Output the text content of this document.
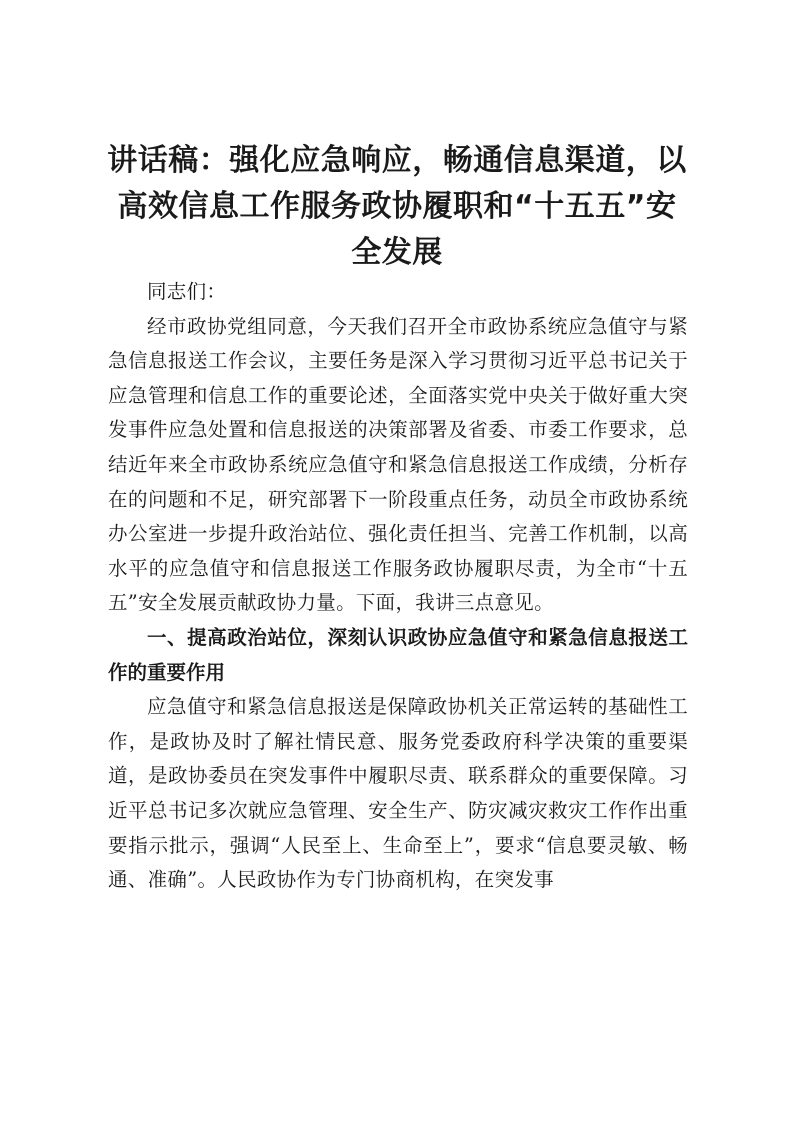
讲话稿：强化应急响应，畅通信息渠道，以高效信息工作服务政协履职和“十五五”安全发展

同志们：

经市政协党组同意，今天我们召开全市政协系统应急值守与紧急信息报送工作会议，主要任务是深入学习贯彻习近平总书记关于应急管理和信息工作的重要论述，全面落实党中央关于做好重大突发事件应急处置和信息报送的决策部署及省委、市委工作要求，总结近年来全市政协系统应急值守和紧急信息报送工作成绩，分析存在的问题和不足，研究部署下一阶段重点任务，动员全市政协系统办公室进一步提升政治站位、强化责任担当、完善工作机制，以高水平的应急值守和信息报送工作服务政协履职尽责，为全市“十五五”安全发展贡献政协力量。下面，我讲三点意见。

一、提高政治站位，深刻认识政协应急值守和紧急信息报送工作的重要作用

应急值守和紧急信息报送是保障政协机关正常运转的基础性工作，是政协及时了解社情民意、服务党委政府科学决策的重要渠道，是政协委员在突发事件中履职尽责、联系群众的重要保障。习近平总书记多次就应急管理、安全生产、防灾减灾救灾工作作出重要指示批示，强调“人民至上、生命至上”，要求“信息要灵敏、畅通、准确”。人民政协作为专门协商机构，在突发事
